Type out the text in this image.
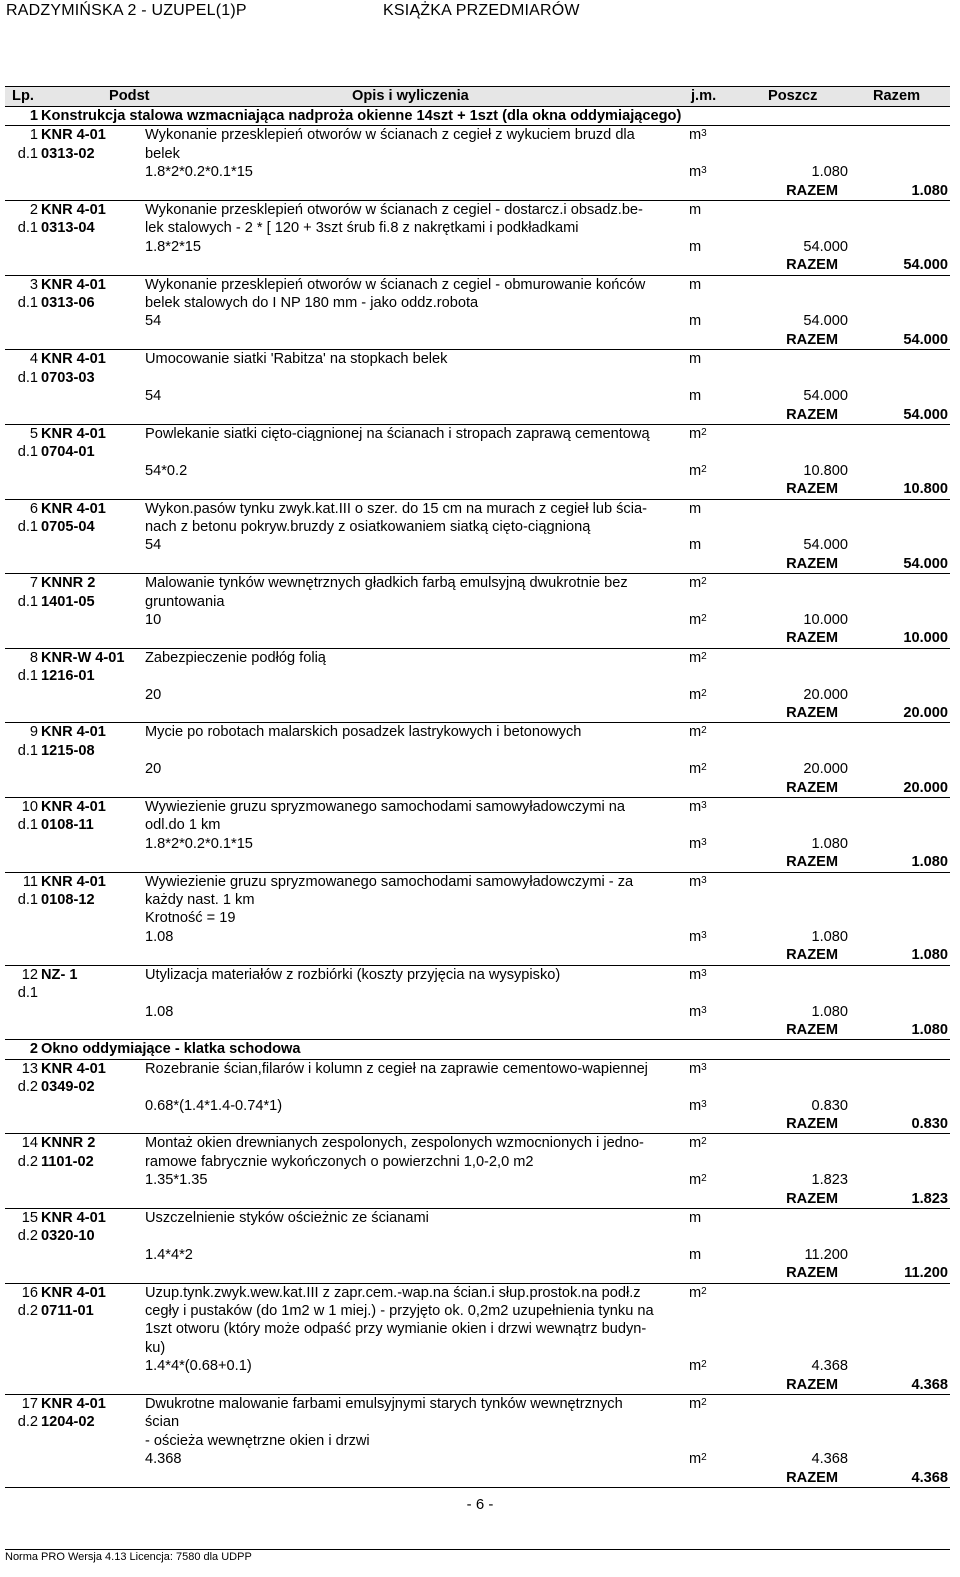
RADZYMIŃSKA 2 - UZUPEL(1)P	KSIĄŻKA PRZEDMIARÓW
Lp.	Podst	Opis i wyliczenia	j.m.	Poszcz	Razem
1	Konstrukcja stalowa wzmacniająca nadproża okienne 14szt + 1szt (dla okna oddymiającego)				
1	KNR 4-01	Wykonanie przesklepień otworów w ścianach z cegieł z wykuciem bruzd dla	$m^3$		
d.1	0313-02	belek			
		1.8*2*0.2*0.1*15	$m^3$	1.080	
				RAZEM	1.080
2	KNR 4-01	Wykonanie przesklepień otworów w ścianach z cegiel - dostarcz.i obsadz.be-	m		
d.1	0313-04	lek stalowych - 2 * [ 120 + 3szt śrub fi.8 z nakrętkami i podkładkami			
		1.8*2*15	m	54.000	
				RAZEM	54.000
3	KNR 4-01	Wykonanie przesklepień otworów w ścianach z cegiel - obmurowanie końców	m		
d.1	0313-06	belek stalowych do I NP 180 mm - jako oddz.robota			
		54	m	54.000	
				RAZEM	54.000
4	KNR 4-01	Umocowanie siatki 'Rabitza' na stopkach belek	m		
d.1	0703-03				
		54	m	54.000	
				RAZEM	54.000
5	KNR 4-01	Powlekanie siatki cięto-ciągnionej na ścianach i stropach zaprawą cementową	$m^2$		
d.1	0704-01				
		54*0.2	$m^2$	10.800	
				RAZEM	10.800
6	KNR 4-01	Wykon.pasów tynku zwyk.kat.III o szer. do 15 cm na murach z cegieł lub ścia-	m		
d.1	0705-04	nach z betonu pokryw.bruzdy z osiatkowaniem siatką cięto-ciągnioną			
		54	m	54.000	
				RAZEM	54.000
7	KNNR 2	Malowanie tynków wewnętrznych gładkich farbą emulsyjną dwukrotnie bez	$m^2$		
d.1	1401-05	gruntowania			
		10	$m^2$	10.000	
				RAZEM	10.000
8	KNR-W 4-01	Zabezpieczenie podłóg folią	$m^2$		
d.1	1216-01				
		20	$m^2$	20.000	
				RAZEM	20.000
9	KNR 4-01	Mycie po robotach malarskich posadzek lastrykowych i betonowych	$m^2$		
d.1	1215-08				
		20	$m^2$	20.000	
				RAZEM	20.000
10	KNR 4-01	Wywiezienie gruzu spryzmowanego samochodami samowyładowczymi na	$m^3$		
d.1	0108-11	odl.do 1 km			
		1.8*2*0.2*0.1*15	$m^3$	1.080	
				RAZEM	1.080
11	KNR 4-01	Wywiezienie gruzu spryzmowanego samochodami samowyładowczymi - za	$m^3$		
d.1	0108-12	każdy nast. 1 km			
		Krotność = 19			
		1.08	$m^3$	1.080	
				RAZEM	1.080
12	NZ- 1	Utylizacja materiałów z rozbiórki (koszty przyjęcia na wysypisko)	$m^3$		
d.1					
		1.08	$m^3$	1.080	
				RAZEM	1.080
2	Okno oddymiające - klatka schodowa				
13	KNR 4-01	Rozebranie ścian,filarów i kolumn z cegieł na zaprawie cementowo-wapiennej	$m^3$		
d.2	0349-02				
		0.68*(1.4*1.4-0.74*1)	$m^3$	0.830	
				RAZEM	0.830
14	KNNR 2	Montaż okien drewnianych zespolonych, zespolonych wzmocnionych i jedno-	$m^2$		
d.2	1101-02	ramowe fabrycznie wykończonych o powierzchni 1,0-2,0 m2			
		1.35*1.35	$m^2$	1.823	
				RAZEM	1.823
15	KNR 4-01	Uszczelnienie styków ościeżnic ze ścianami	m		
d.2	0320-10				
		1.4*4*2	m	11.200	
				RAZEM	11.200
16	KNR 4-01	Uzup.tynk.zwyk.wew.kat.III z zapr.cem.-wap.na ścian.i słup.prostok.na podł.z	$m^2$		
d.2	0711-01	cegły i pustaków (do 1m2 w 1 miej.) - przyjęto ok. 0,2m2 uzupełnienia tynku na			
		1szt otworu (który może odpaść przy wymianie okien i drzwi wewnątrz budyn-			
		ku)			
		1.4*4*(0.68+0.1)	$m^2$	4.368	
				RAZEM	4.368
17	KNR 4-01	Dwukrotne malowanie farbami emulsyjnymi starych tynków wewnętrznych	$m^2$		
d.2	1204-02	ścian			
		- ościeża wewnętrzne okien i drzwi			
		4.368	$m^2$	4.368	
				RAZEM	4.368
- 6 -
Norma PRO Wersja 4.13 Licencja: 7580 dla UDPP
